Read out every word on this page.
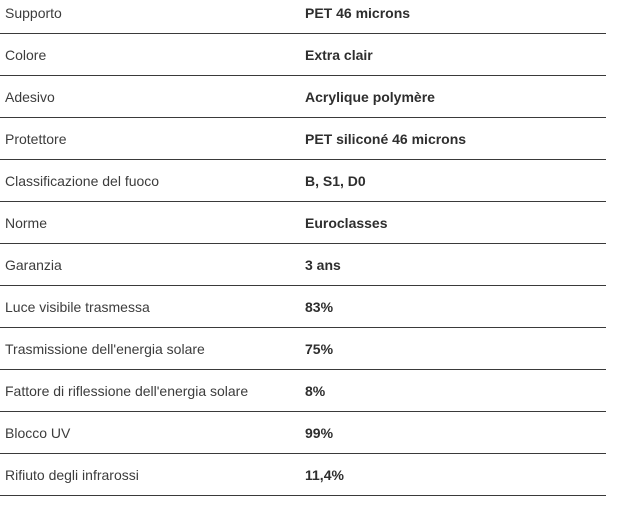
Supporto	PET 46 microns
Colore	Extra clair
Adesivo	Acrylique polymère
Protettore	PET siliconé 46 microns
Classificazione del fuoco	B, S1, D0
Norme	Euroclasses
Garanzia	3 ans
Luce visibile trasmessa	83%
Trasmissione dell'energia solare	75%
Fattore di riflessione dell'energia solare	8%
Blocco UV	99%
Rifiuto degli infrarossi	11,4%
